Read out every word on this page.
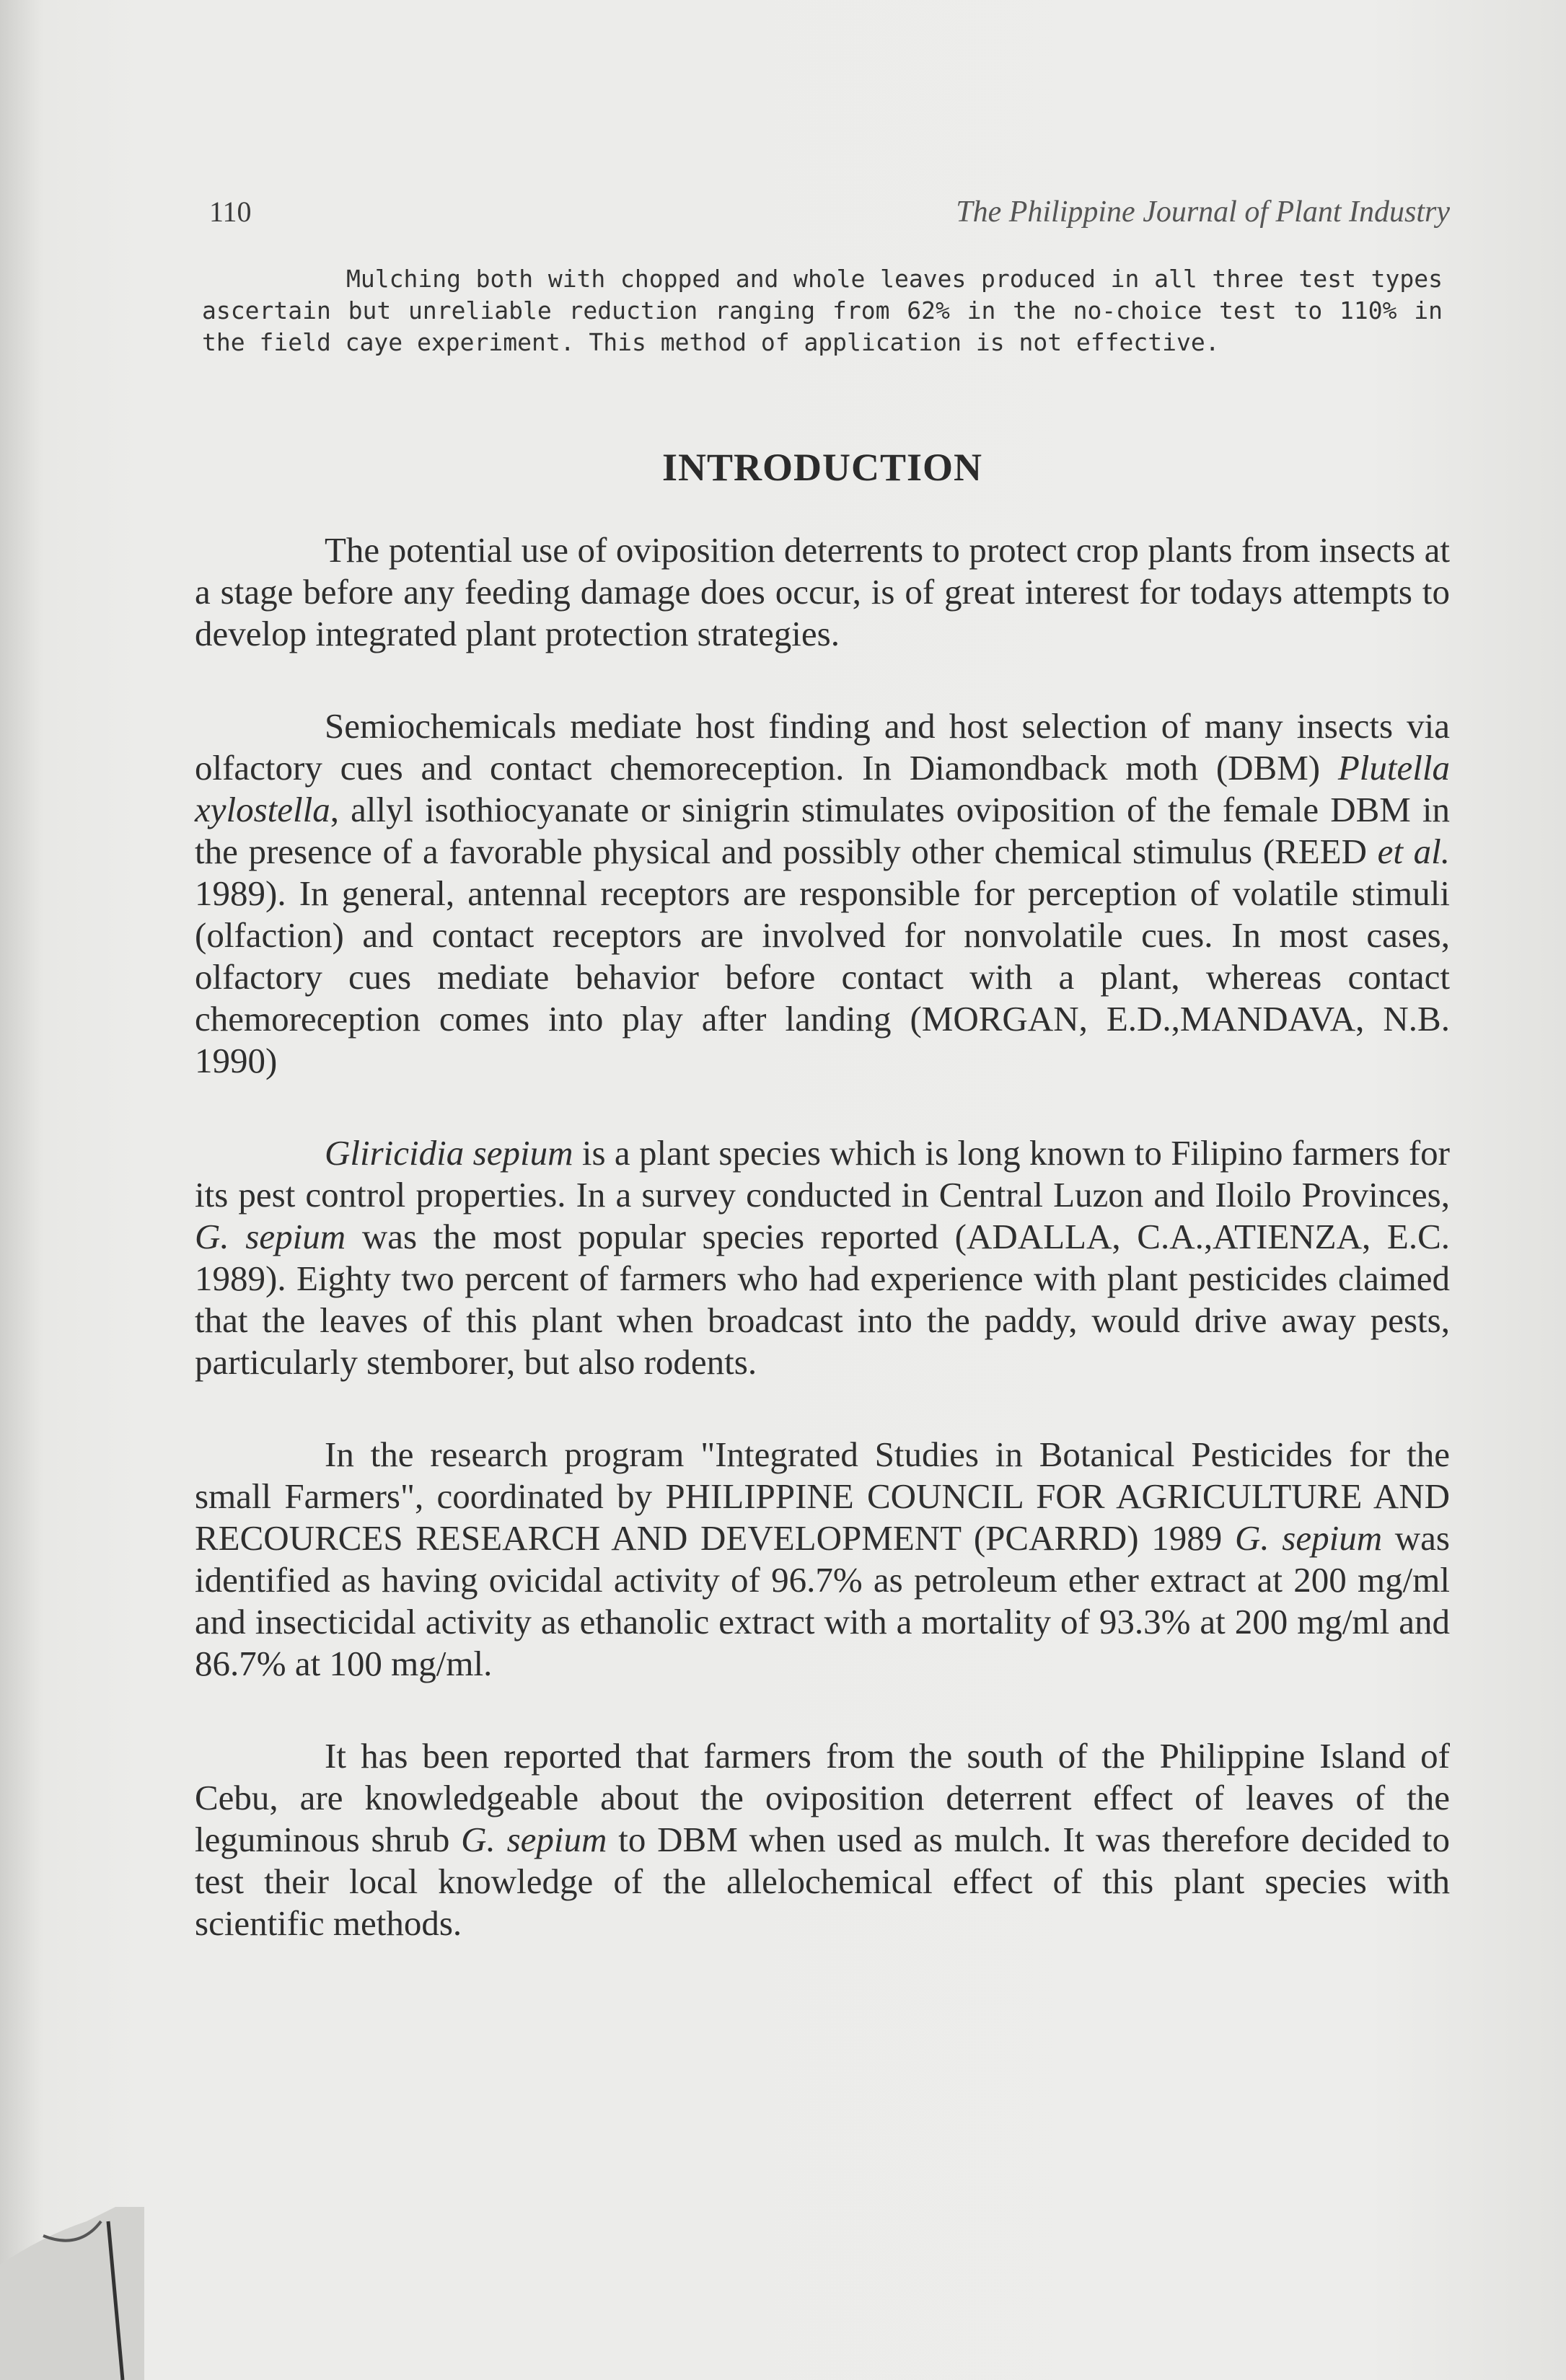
110	The Philippine Journal of Plant Industry
Mulching both with chopped and whole leaves produced in all three test types ascertain but unreliable reduction ranging from 62% in the no-choice test to 110% in the field caye experiment. This method of application is not effective.
INTRODUCTION

The potential use of oviposition deterrents to protect crop plants from insects at a stage before any feeding damage does occur, is of great interest for todays attempts to develop integrated plant protection strategies.

Semiochemicals mediate host finding and host selection of many insects via olfactory cues and contact chemoreception. In Diamondback moth (DBM) Plutella xylostella, allyl isothiocyanate or sinigrin stimulates oviposition of the female DBM in the presence of a favorable physical and possibly other chemical stimulus (REED et al. 1989). In general, antennal receptors are responsible for perception of volatile stimuli (olfaction) and contact receptors are involved for nonvolatile cues. In most cases, olfactory cues mediate behavior before contact with a plant, whereas contact chemoreception comes into play after landing (MORGAN, E.D.,MANDAVA, N.B. 1990)

Gliricidia sepium is a plant species which is long known to Filipino farmers for its pest control properties. In a survey conducted in Central Luzon and Iloilo Provinces, G. sepium was the most popular species reported (ADALLA, C.A.,ATIENZA, E.C. 1989). Eighty two percent of farmers who had experience with plant pesticides claimed that the leaves of this plant when broadcast into the paddy, would drive away pests, particularly stemborer, but also rodents.

In the research program "Integrated Studies in Botanical Pesticides for the small Farmers", coordinated by PHILIPPINE COUNCIL FOR AGRICULTURE AND RECOURCES RESEARCH AND DEVELOPMENT (PCARRD) 1989 G. sepium was identified as having ovicidal activity of 96.7% as petroleum ether extract at 200 mg/ml and insecticidal activity as ethanolic extract with a mortality of 93.3% at 200 mg/ml and 86.7% at 100 mg/ml.

It has been reported that farmers from the south of the Philippine Island of Cebu, are knowledgeable about the oviposition deterrent effect of leaves of the leguminous shrub G. sepium to DBM when used as mulch. It was therefore decided to test their local knowledge of the allelochemical effect of this plant species with scientific methods.
